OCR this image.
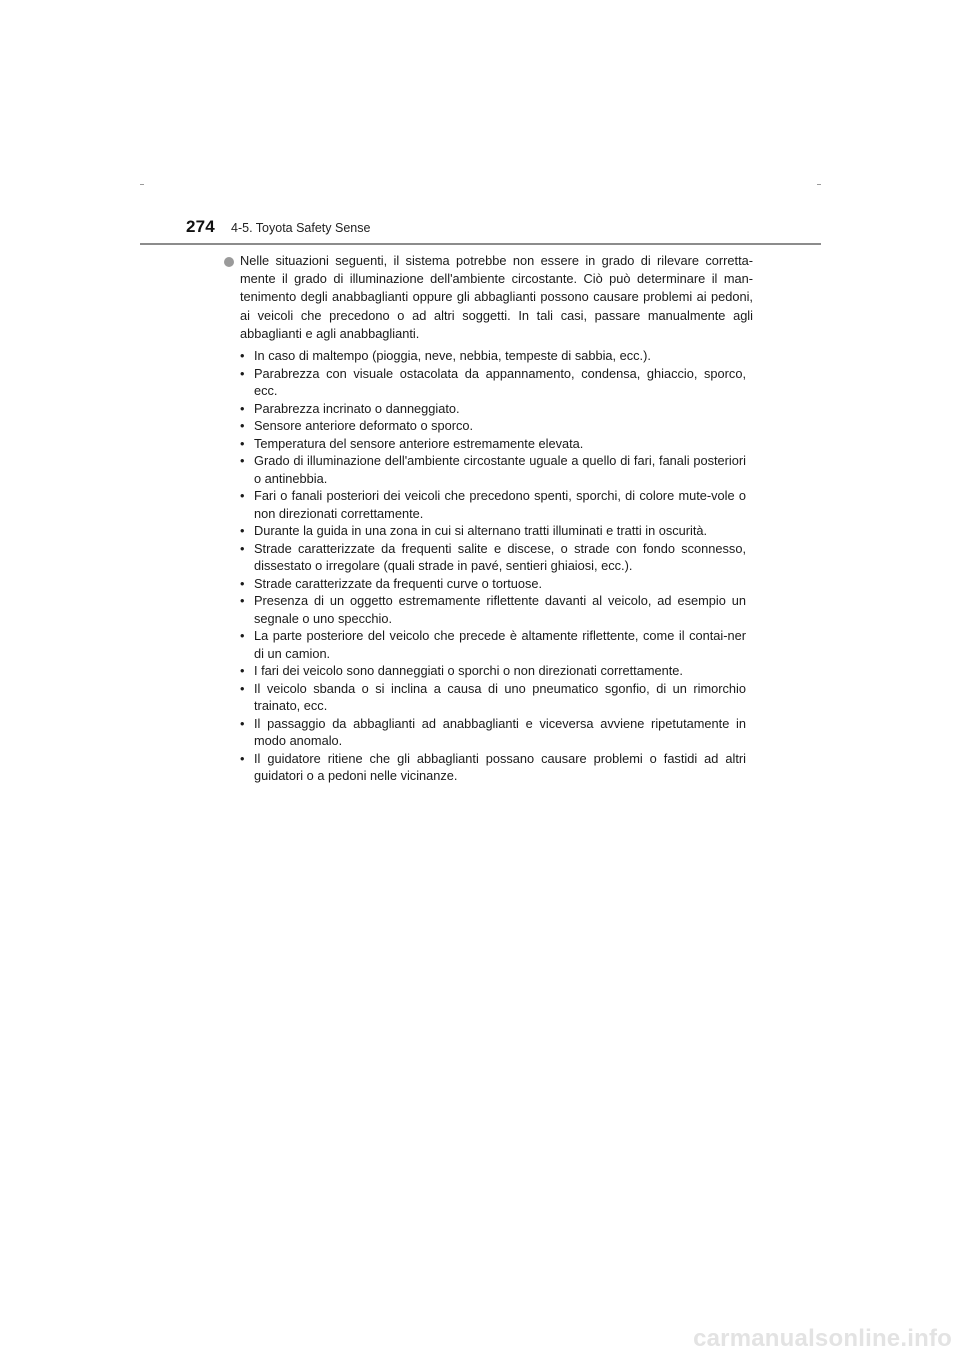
274 4-5. Toyota Safety Sense
Nelle situazioni seguenti, il sistema potrebbe non essere in grado di rilevare corretta-mente il grado di illuminazione dell'ambiente circostante. Ciò può determinare il man-tenimento degli anabbaglianti oppure gli abbaglianti possono causare problemi ai pedoni, ai veicoli che precedono o ad altri soggetti. In tali casi, passare manualmente agli abbaglianti e agli anabbaglianti.
• In caso di maltempo (pioggia, neve, nebbia, tempeste di sabbia, ecc.).
• Parabrezza con visuale ostacolata da appannamento, condensa, ghiaccio, sporco, ecc.
• Parabrezza incrinato o danneggiato.
• Sensore anteriore deformato o sporco.
• Temperatura del sensore anteriore estremamente elevata.
• Grado di illuminazione dell'ambiente circostante uguale a quello di fari, fanali posteriori o antinebbia.
• Fari o fanali posteriori dei veicoli che precedono spenti, sporchi, di colore mute-vole o non direzionati correttamente.
• Durante la guida in una zona in cui si alternano tratti illuminati e tratti in oscurità.
• Strade caratterizzate da frequenti salite e discese, o strade con fondo sconnesso, dissestato o irregolare (quali strade in pavé, sentieri ghiaiosi, ecc.).
• Strade caratterizzate da frequenti curve o tortuose.
• Presenza di un oggetto estremamente riflettente davanti al veicolo, ad esempio un segnale o uno specchio.
• La parte posteriore del veicolo che precede è altamente riflettente, come il contai-ner di un camion.
• I fari dei veicolo sono danneggiati o sporchi o non direzionati correttamente.
• Il veicolo sbanda o si inclina a causa di uno pneumatico sgonfio, di un rimorchio trainato, ecc.
• Il passaggio da abbaglianti ad anabbaglianti e viceversa avviene ripetutamente in modo anomalo.
• Il guidatore ritiene che gli abbaglianti possano causare problemi o fastidi ad altri guidatori o a pedoni nelle vicinanze.
carmanualsonline.info
